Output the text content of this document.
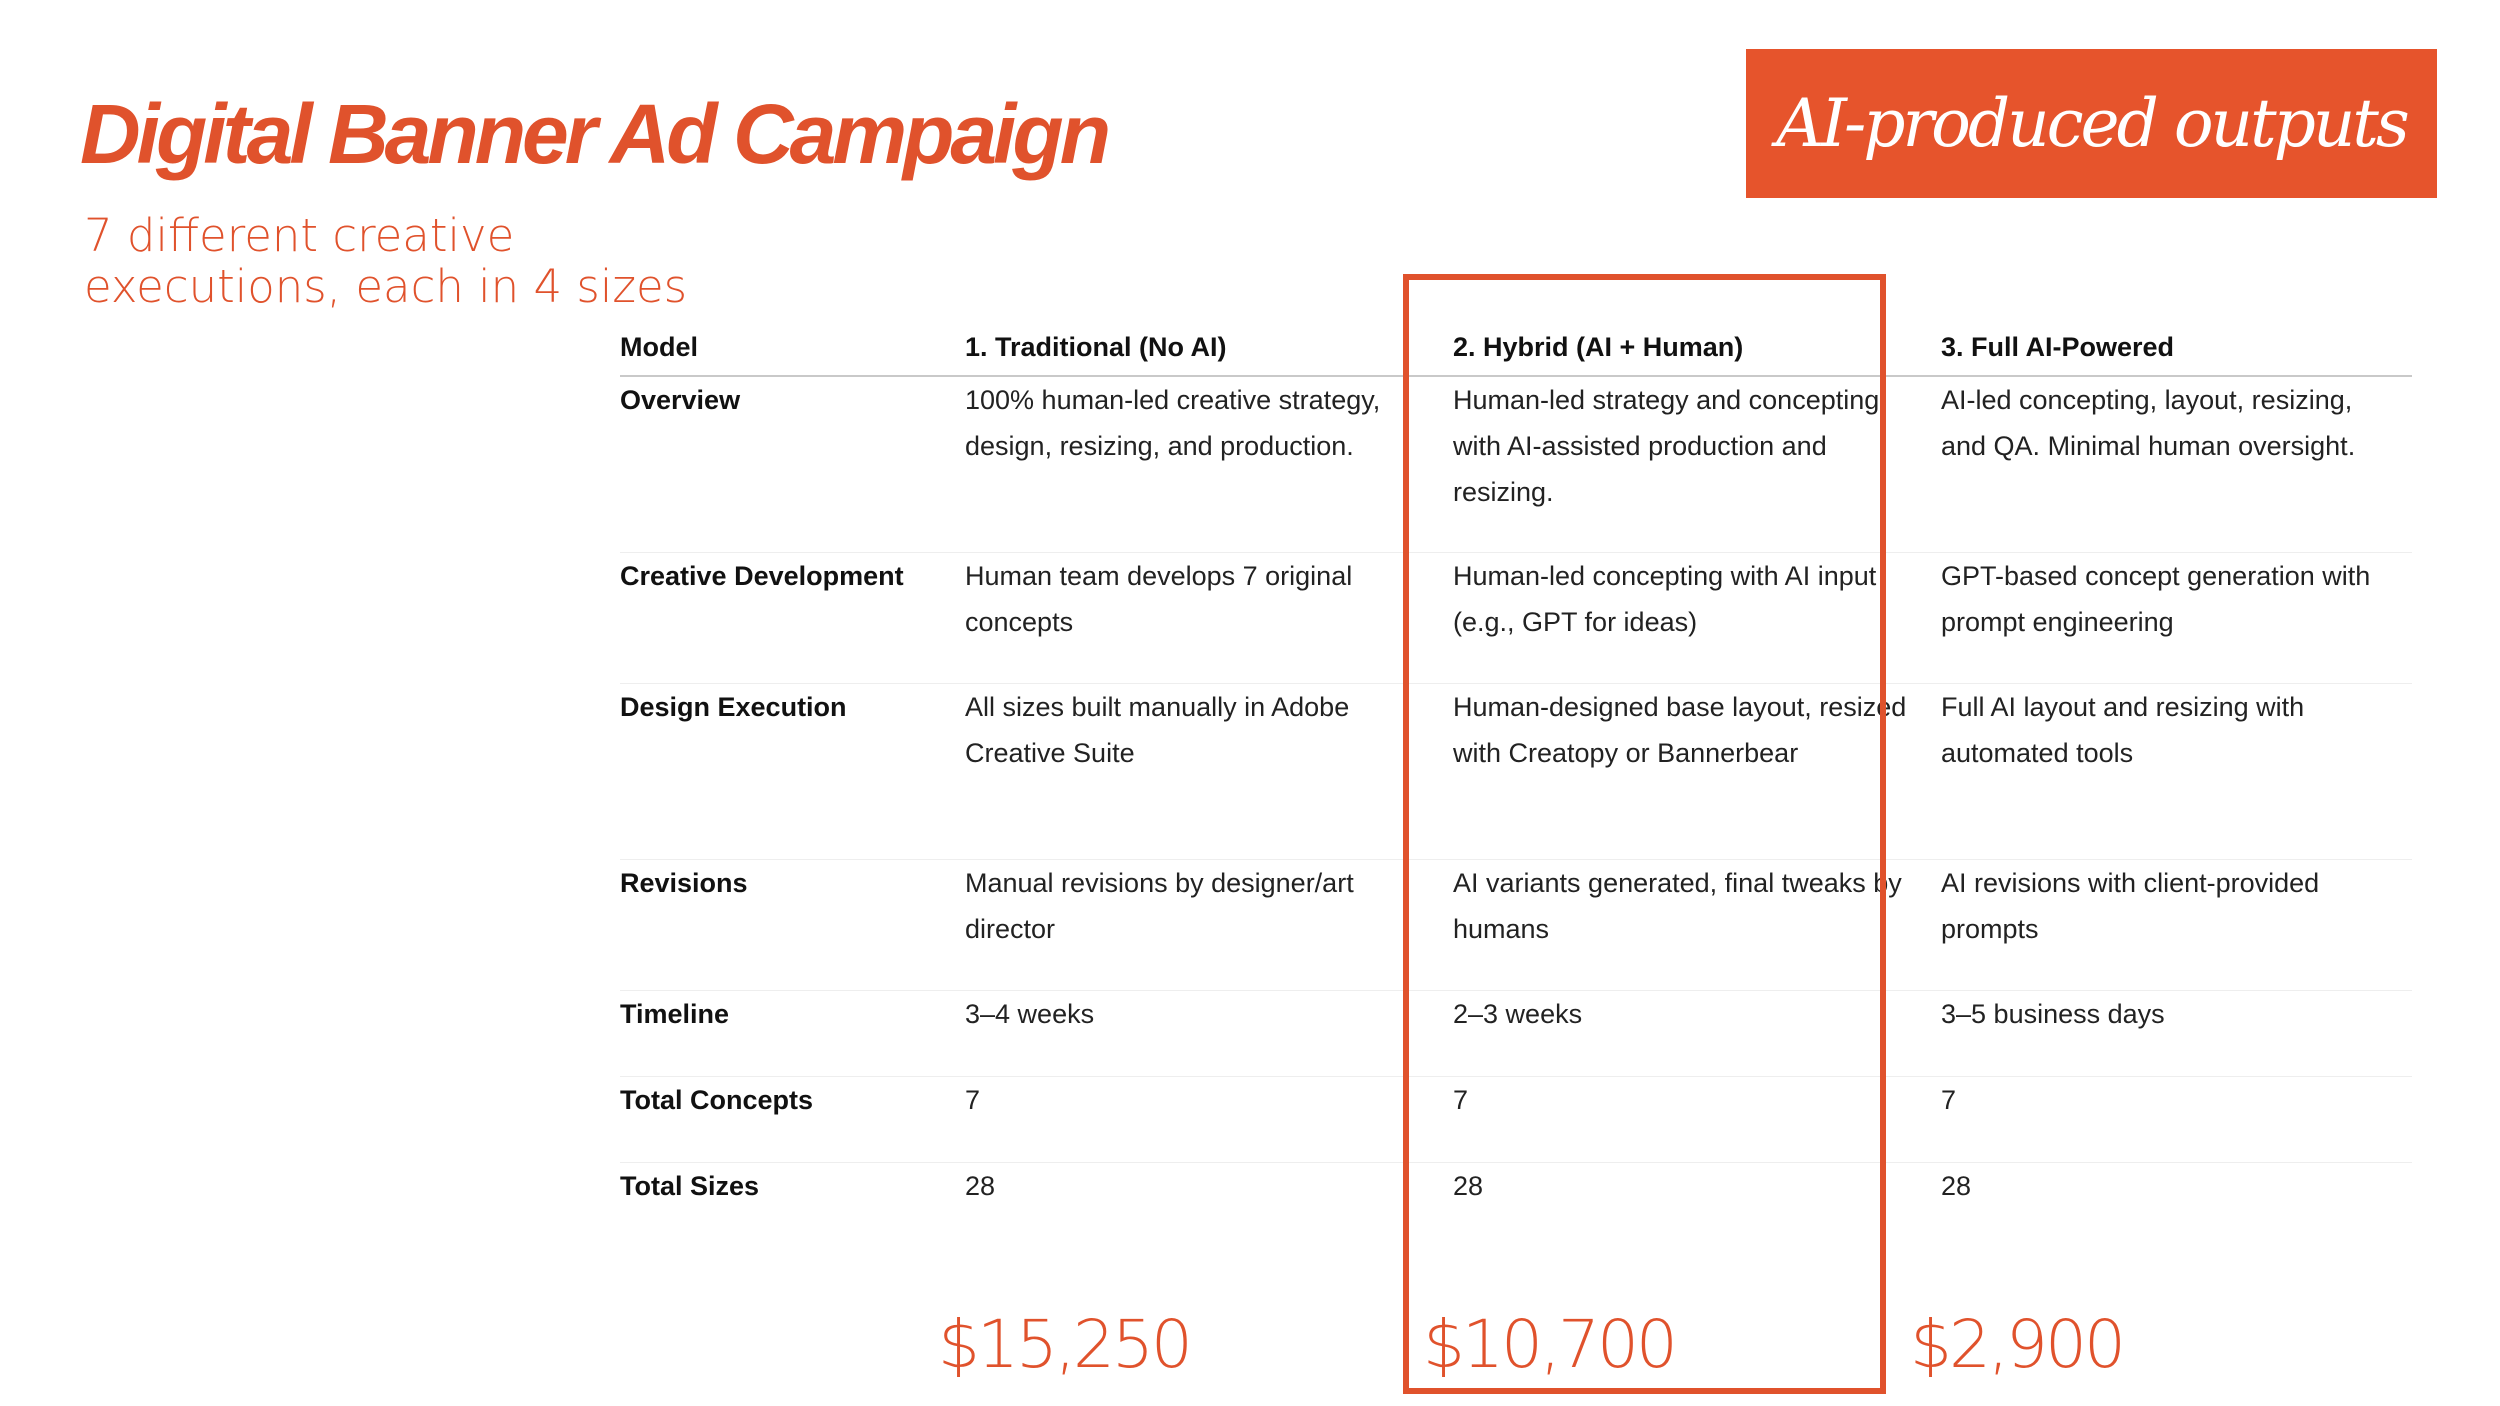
Digital Banner Ad Campaign
7 different creative executions, each in 4 sizes
AI-produced outputs
Model	1. Traditional (No AI)	2. Hybrid (AI + Human)	3. Full AI-Powered
Overview	100% human-led creative strategy, design, resizing, and production.	Human-led strategy and concepting with AI-assisted production and resizing.	AI-led concepting, layout, resizing, and QA. Minimal human oversight.
Creative Development	Human team develops 7 original concepts	Human-led concepting with AI input (e.g., GPT for ideas)	GPT-based concept generation with prompt engineering
Design Execution	All sizes built manually in Adobe Creative Suite	Human-designed base layout, resized with Creatopy or Bannerbear	Full AI layout and resizing with automated tools
Revisions	Manual revisions by designer/art director	AI variants generated, final tweaks by humans	AI revisions with client-provided prompts
Timeline	3–4 weeks	2–3 weeks	3–5 business days
Total Concepts	7	7	7
Total Sizes	28	28	28
$15,250	$10,700	$2,900
